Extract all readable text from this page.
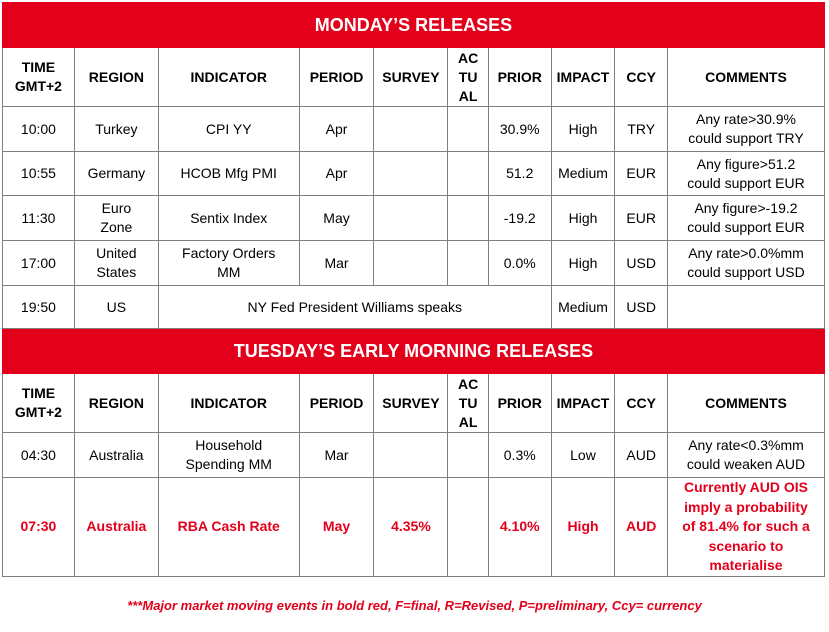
MONDAY’S RELEASES									
TIME
GMT+2	REGION	INDICATOR	PERIOD	SURVEY	AC
TU
AL	PRIOR	IMPACT	CCY	COMMENTS
10:00	Turkey	CPI YY	Apr			30.9%	High	TRY	Any rate>30.9%
could support TRY
10:55	Germany	HCOB Mfg PMI	Apr			51.2	Medium	EUR	Any figure>51.2
could support EUR
11:30	Euro
Zone	Sentix Index	May			-19.2	High	EUR	Any figure>-19.2
could support EUR
17:00	United
States	Factory Orders
MM	Mar			0.0%	High	USD	Any rate>0.0%mm
could support USD
19:50	US	NY Fed President Williams speaks					Medium	USD	
TUESDAY’S EARLY MORNING RELEASES									
TIME
GMT+2	REGION	INDICATOR	PERIOD	SURVEY	AC
TU
AL	PRIOR	IMPACT	CCY	COMMENTS
04:30	Australia	Household
Spending MM	Mar			0.3%	Low	AUD	Any rate<0.3%mm
could weaken AUD
07:30	Australia	RBA Cash Rate	May	4.35%		4.10%	High	AUD	Currently AUD OIS
imply a probability
of 81.4% for such a
scenario to
materialise
***Major market moving events in bold red, F=final, R=Revised, P=preliminary, Ccy= currency
